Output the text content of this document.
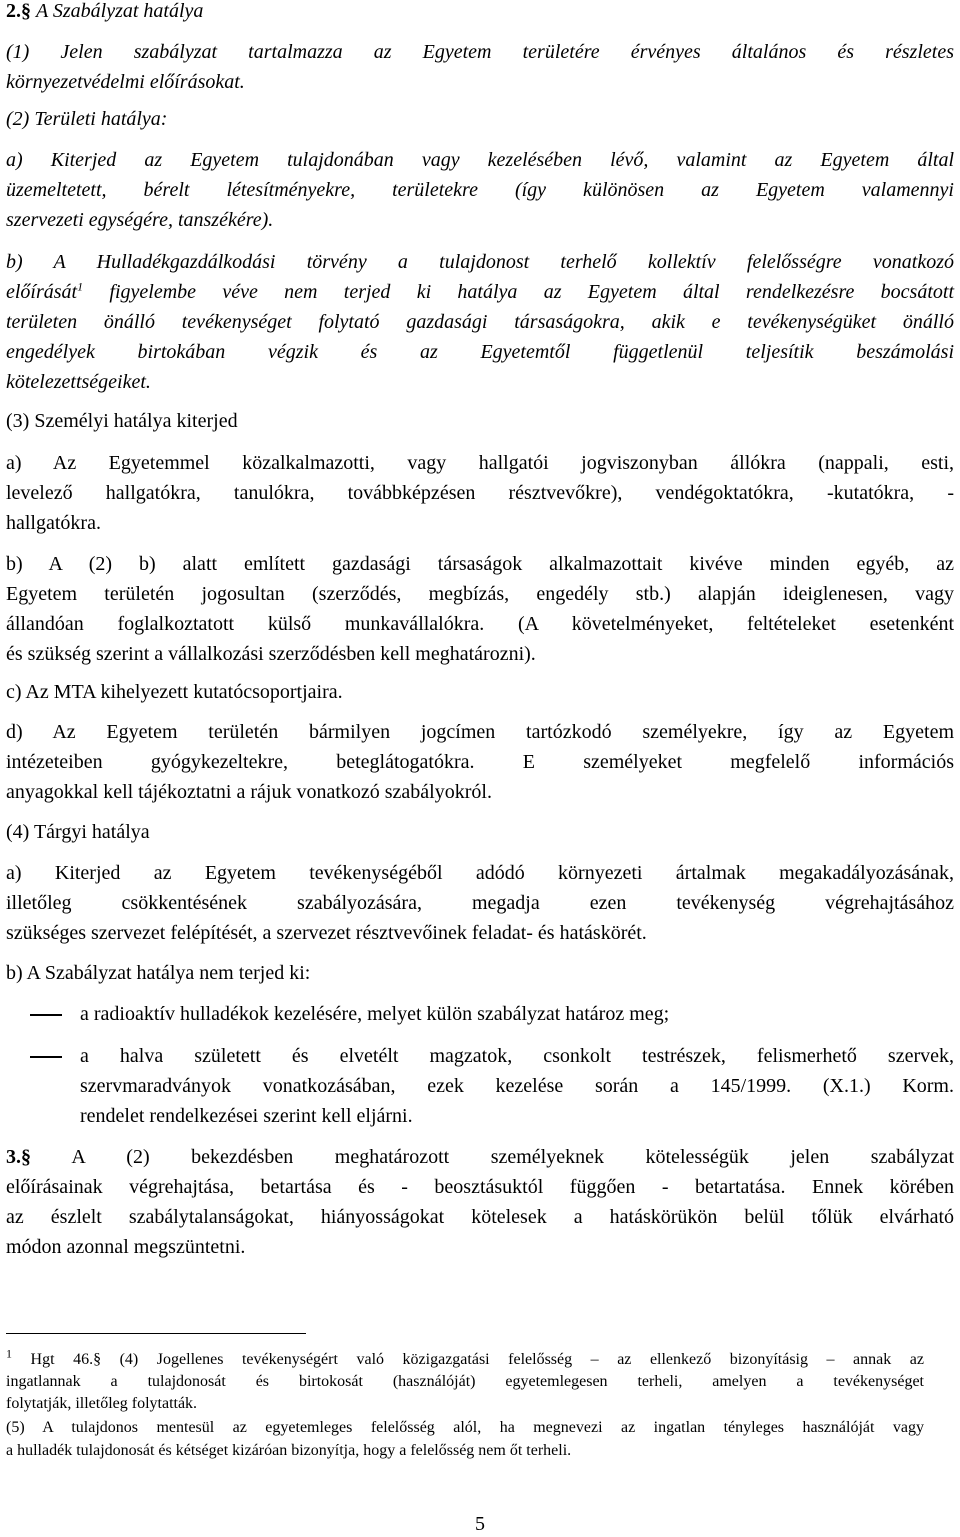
2.§ A Szabályzat hatálya
(1) Jelen szabályzat tartalmazza az Egyetem területére érvényes általános és részletes
környezetvédelmi előírásokat.
(2) Területi hatálya:
a) Kiterjed az Egyetem tulajdonában vagy kezelésében lévő, valamint az Egyetem által
üzemeltetett, bérelt létesítményekre, területekre (így különösen az Egyetem valamennyi
szervezeti egységére, tanszékére).
b) A Hulladékgazdálkodási törvény a tulajdonost terhelő kollektív felelősségre vonatkozó
előírását$^1$ figyelembe véve nem terjed ki hatálya az Egyetem által rendelkezésre bocsátott
területen önálló tevékenységet folytató gazdasági társaságokra, akik e tevékenységüket önálló
engedélyek birtokában végzik és az Egyetemtől függetlenül teljesítik beszámolási
kötelezettségeiket.
(3) Személyi hatálya kiterjed
a) Az Egyetemmel közalkalmazotti, vagy hallgatói jogviszonyban állókra (nappali, esti,
levelező hallgatókra, tanulókra, továbbképzésen résztvevőkre), vendégoktatókra, -kutatókra, -
hallgatókra.
b) A (2) b) alatt említett gazdasági társaságok alkalmazottait kivéve minden egyéb, az
Egyetem területén jogosultan (szerződés, megbízás, engedély stb.) alapján ideiglenesen, vagy
állandóan foglalkoztatott külső munkavállalókra. (A követelményeket, feltételeket esetenként
és szükség szerint a vállalkozási szerződésben kell meghatározni).
c) Az MTA kihelyezett kutatócsoportjaira.
d) Az Egyetem területén bármilyen jogcímen tartózkodó személyekre, így az Egyetem
intézeteiben gyógykezeltekre, beteglátogatókra. E személyeket megfelelő információs
anyagokkal kell tájékoztatni a rájuk vonatkozó szabályokról.
(4) Tárgyi hatálya
a) Kiterjed az Egyetem tevékenységéből adódó környezeti ártalmak megakadályozásának,
illetőleg csökkentésének szabályozására, megadja ezen tevékenység végrehajtásához
szükséges szervezet felépítését, a szervezet résztvevőinek feladat- és hatáskörét.
b) A Szabályzat hatálya nem terjed ki:
a radioaktív hulladékok kezelésére, melyet külön szabályzat határoz meg;
a halva született és elvetélt magzatok, csonkolt testrészek, felismerhető szervek,
szervmaradványok vonatkozásában, ezek kezelése során a 145/1999. (X.1.) Korm.
rendelet rendelkezései szerint kell eljárni.
3.§ A (2) bekezdésben meghatározott személyeknek kötelességük jelen szabályzat
előírásainak végrehajtása, betartása és - beosztásuktól függően - betartatása. Ennek körében
az észlelt szabálytalanságokat, hiányosságokat kötelesek a hatáskörükön belül tőlük elvárható
módon azonnal megszüntetni.
$^1$ Hgt 46.§ (4) Jogellenes tevékenységért való közigazgatási felelősség – az ellenkező bizonyításig – annak az
ingatlannak a tulajdonosát és birtokosát (használóját) egyetemlegesen terheli, amelyen a tevékenységet
folytatják, illetőleg folytatták.
(5) A tulajdonos mentesül az egyetemleges felelősség alól, ha megnevezi az ingatlan tényleges használóját vagy
a hulladék tulajdonosát és kétséget kizáróan bizonyítja, hogy a felelősség nem őt terheli.
5
